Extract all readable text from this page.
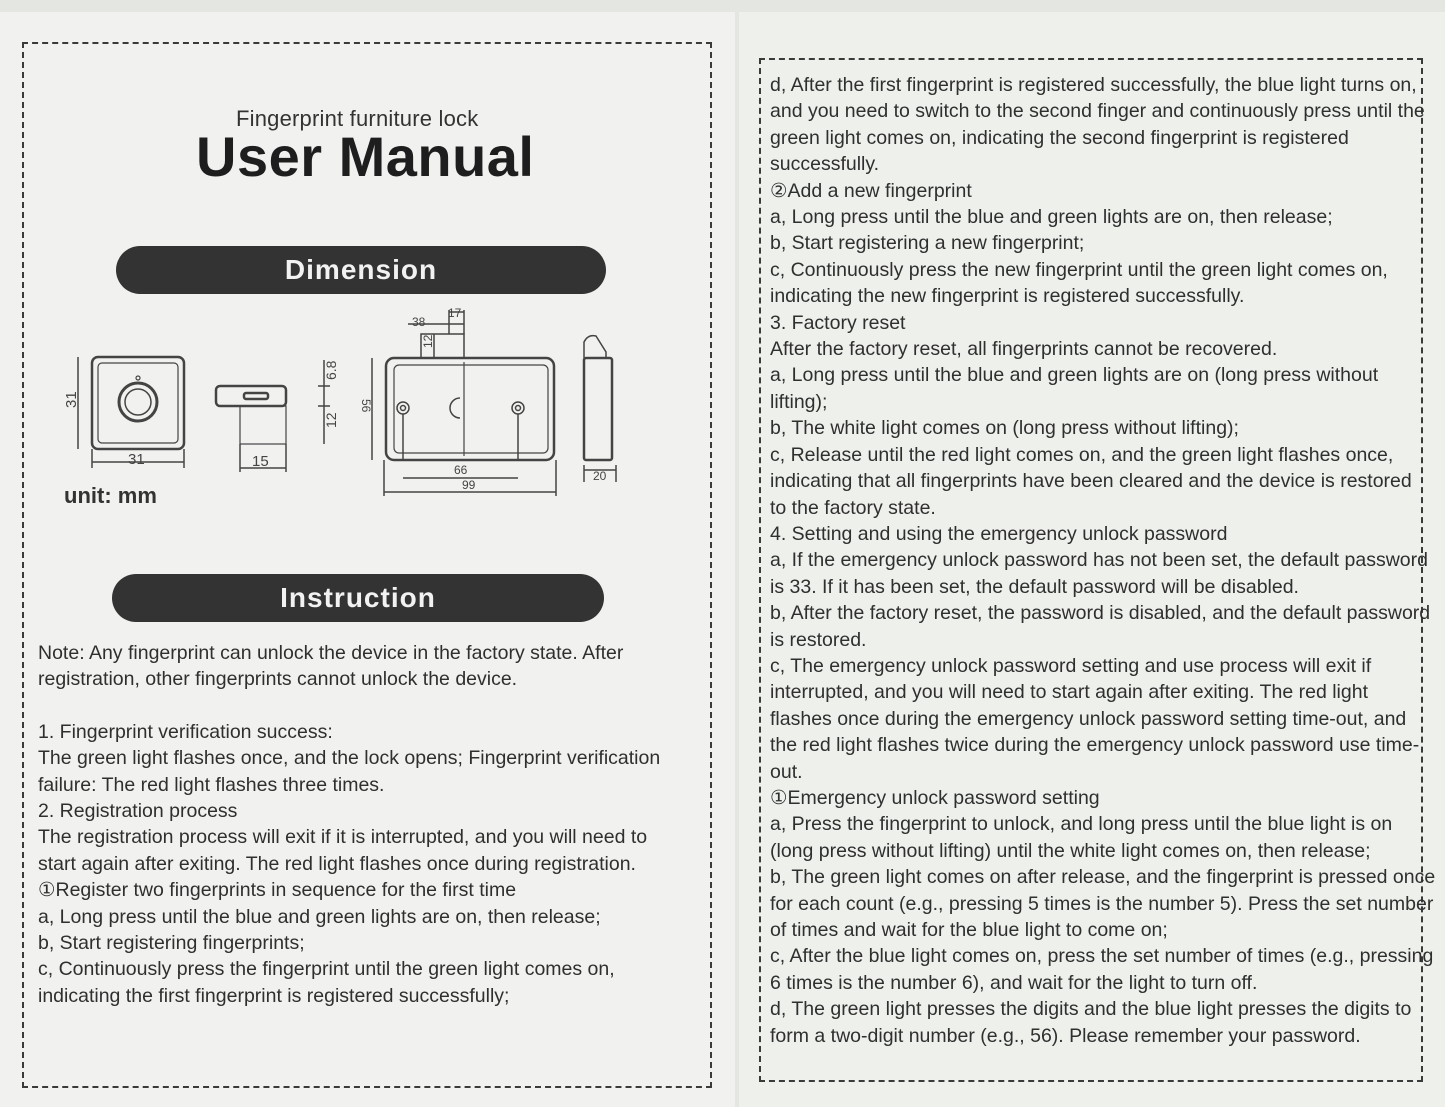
Fingerprint furniture lock
User Manual
Dimension
31
31	15
6.8
12
38
17
12
56
66
99
20
unit: mm
Instruction

Note: Any fingerprint can unlock the device in the factory state. After

registration, other fingerprints cannot unlock the device.

1. Fingerprint verification success:

The green light flashes once, and the lock opens; Fingerprint verification

failure: The red light flashes three times.

2. Registration process

The registration process will exit if it is interrupted, and you will need to

start again after exiting. The red light flashes once during registration.

①Register two fingerprints in sequence for the first time

a, Long press until the blue and green lights are on, then release;

b, Start registering fingerprints;

c, Continuously press the fingerprint until the green light comes on,

indicating the first fingerprint is registered successfully;

d, After the first fingerprint is registered successfully, the blue light turns on,

and you need to switch to the second finger and continuously press until the

green light comes on, indicating the second fingerprint is registered

successfully.

②Add a new fingerprint

a, Long press until the blue and green lights are on, then release;

b, Start registering a new fingerprint;

c, Continuously press the new fingerprint until the green light comes on,

indicating the new fingerprint is registered successfully.

3. Factory reset

After the factory reset, all fingerprints cannot be recovered.

a, Long press until the blue and green lights are on (long press without

lifting);

b, The white light comes on (long press without lifting);

c, Release until the red light comes on, and the green light flashes once,

indicating that all fingerprints have been cleared and the device is restored

to the factory state.

4. Setting and using the emergency unlock password

a, If the emergency unlock password has not been set, the default password

is 33. If it has been set, the default password will be disabled.

b, After the factory reset, the password is disabled, and the default password

is restored.

c, The emergency unlock password setting and use process will exit if

interrupted, and you will need to start again after exiting. The red light

flashes once during the emergency unlock password setting time-out, and

the red light flashes twice during the emergency unlock password use time-

out.

①Emergency unlock password setting

a, Press the fingerprint to unlock, and long press until the blue light is on

(long press without lifting) until the white light comes on, then release;

b, The green light comes on after release, and the fingerprint is pressed once

for each count (e.g., pressing 5 times is the number 5). Press the set number

of times and wait for the blue light to come on;

c, After the blue light comes on, press the set number of times (e.g., pressing

6 times is the number 6), and wait for the light to turn off.

d, The green light presses the digits and the blue light presses the digits to

form a two-digit number (e.g., 56). Please remember your password.
